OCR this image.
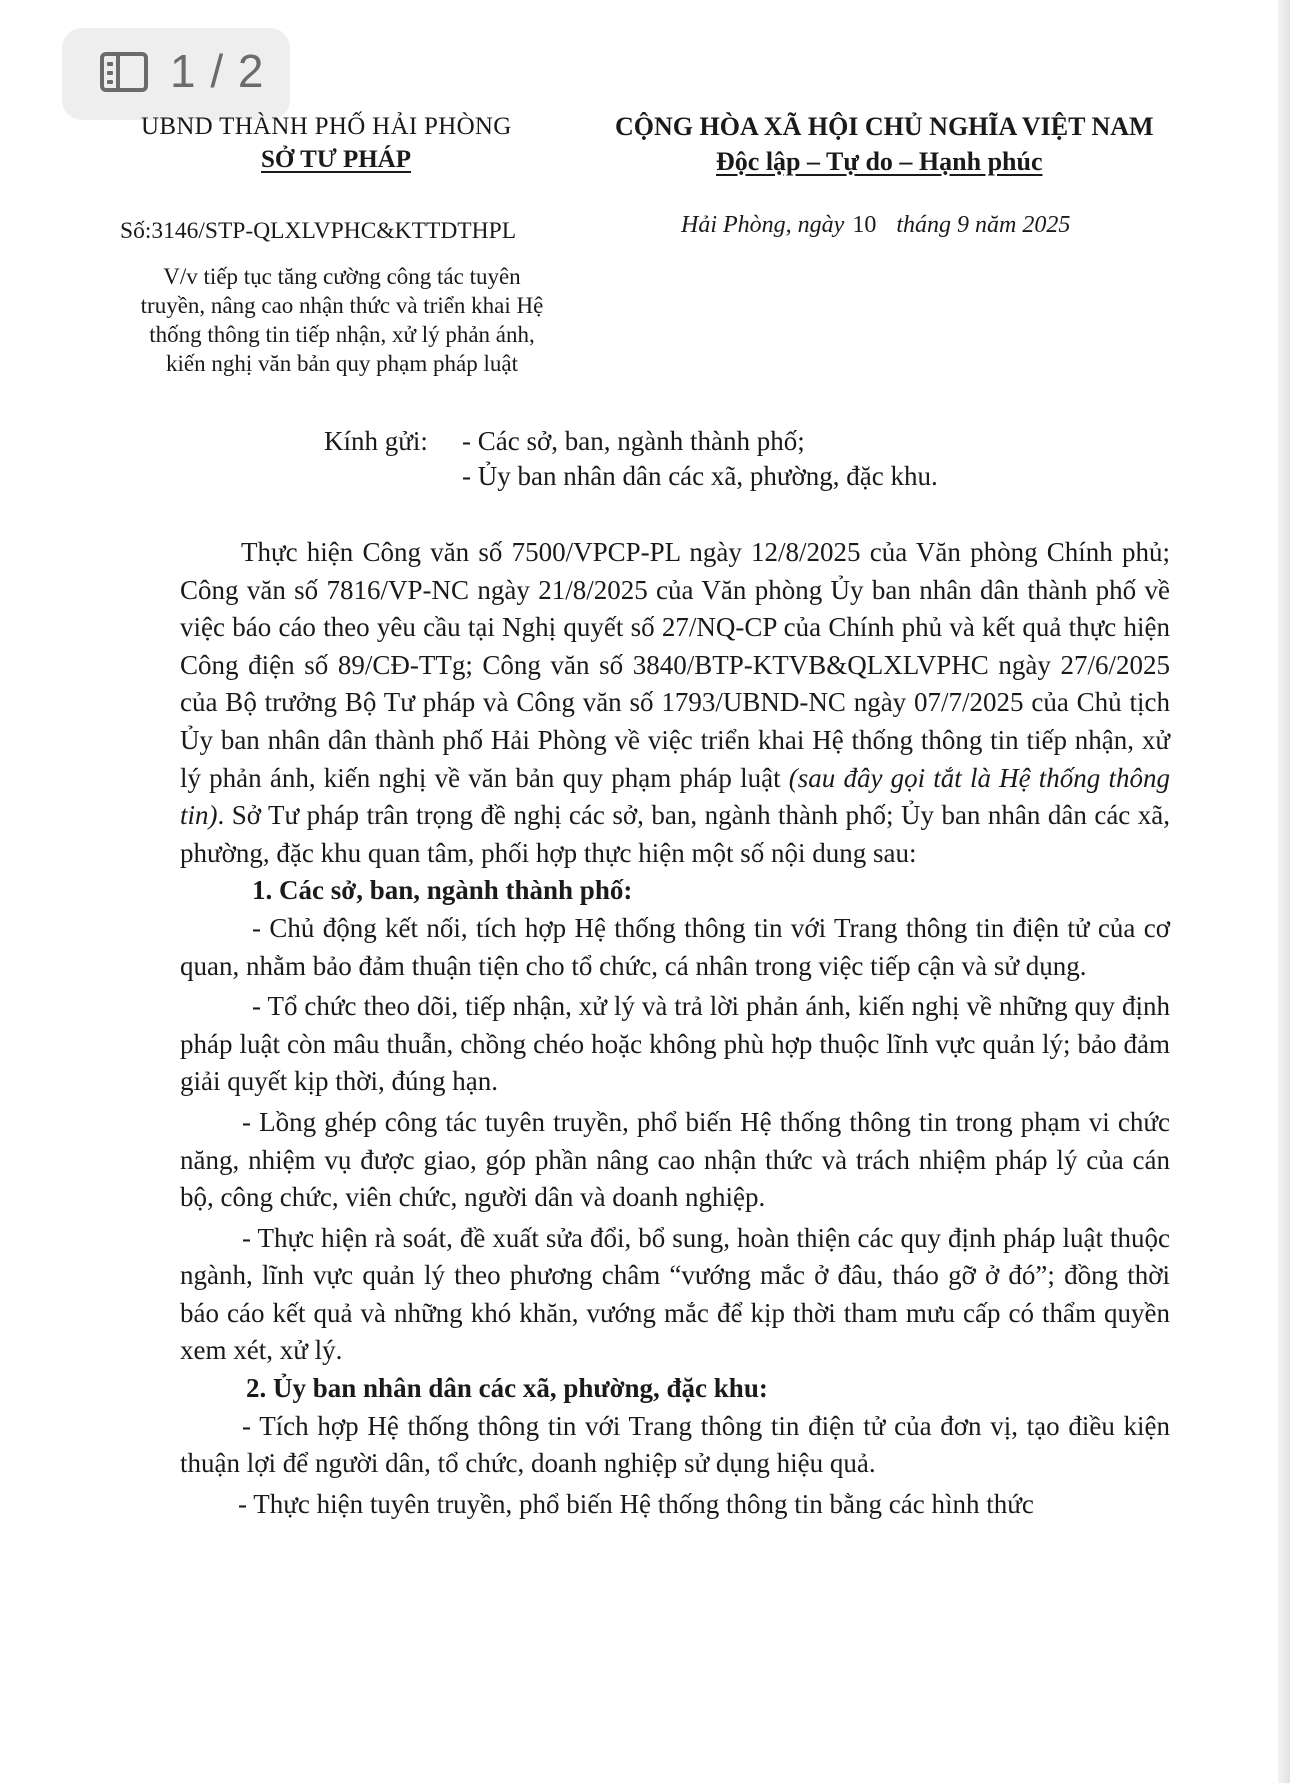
1 / 2
UBND THÀNH PHỐ HẢI PHÒNG
SỞ TƯ PHÁP
Số:3146/STP-QLXLVPHC&KTTDTHPL
V/v tiếp tục tăng cường công tác tuyên
truyền, nâng cao nhận thức và triển khai Hệ
thống thông tin tiếp nhận, xử lý phản ánh,
kiến nghị văn bản quy phạm pháp luật
CỘNG HÒA XÃ HỘI CHỦ NGHĨA VIỆT NAM
Độc lập – Tự do – Hạnh phúc
Hải Phòng, ngày 10 tháng 9 năm 2025
Kính gửi: - Các sở, ban, ngành thành phố;
- Ủy ban nhân dân các xã, phường, đặc khu.

Thực hiện Công văn số 7500/VPCP-PL ngày 12/8/2025 của Văn phòng Chính phủ; Công văn số 7816/VP-NC ngày 21/8/2025 của Văn phòng Ủy ban nhân dân thành phố về việc báo cáo theo yêu cầu tại Nghị quyết số 27/NQ-CP của Chính phủ và kết quả thực hiện Công điện số 89/CĐ-TTg; Công văn số 3840/BTP-KTVB&QLXLVPHC ngày 27/6/2025 của Bộ trưởng Bộ Tư pháp và Công văn số 1793/UBND-NC ngày 07/7/2025 của Chủ tịch Ủy ban nhân dân thành phố Hải Phòng về việc triển khai Hệ thống thông tin tiếp nhận, xử lý phản ánh, kiến nghị về văn bản quy phạm pháp luật (sau đây gọi tắt là Hệ thống thông tin). Sở Tư pháp trân trọng đề nghị các sở, ban, ngành thành phố; Ủy ban nhân dân các xã, phường, đặc khu quan tâm, phối hợp thực hiện một số nội dung sau:

1. Các sở, ban, ngành thành phố:

- Chủ động kết nối, tích hợp Hệ thống thông tin với Trang thông tin điện tử của cơ quan, nhằm bảo đảm thuận tiện cho tổ chức, cá nhân trong việc tiếp cận và sử dụng.

- Tổ chức theo dõi, tiếp nhận, xử lý và trả lời phản ánh, kiến nghị về những quy định pháp luật còn mâu thuẫn, chồng chéo hoặc không phù hợp thuộc lĩnh vực quản lý; bảo đảm giải quyết kịp thời, đúng hạn.

- Lồng ghép công tác tuyên truyền, phổ biến Hệ thống thông tin trong phạm vi chức năng, nhiệm vụ được giao, góp phần nâng cao nhận thức và trách nhiệm pháp lý của cán bộ, công chức, viên chức, người dân và doanh nghiệp.

- Thực hiện rà soát, đề xuất sửa đổi, bổ sung, hoàn thiện các quy định pháp luật thuộc ngành, lĩnh vực quản lý theo phương châm “vướng mắc ở đâu, tháo gỡ ở đó”; đồng thời báo cáo kết quả và những khó khăn, vướng mắc để kịp thời tham mưu cấp có thẩm quyền xem xét, xử lý.

2. Ủy ban nhân dân các xã, phường, đặc khu:

- Tích hợp Hệ thống thông tin với Trang thông tin điện tử của đơn vị, tạo điều kiện thuận lợi để người dân, tổ chức, doanh nghiệp sử dụng hiệu quả.

- Thực hiện tuyên truyền, phổ biến Hệ thống thông tin bằng các hình thức
